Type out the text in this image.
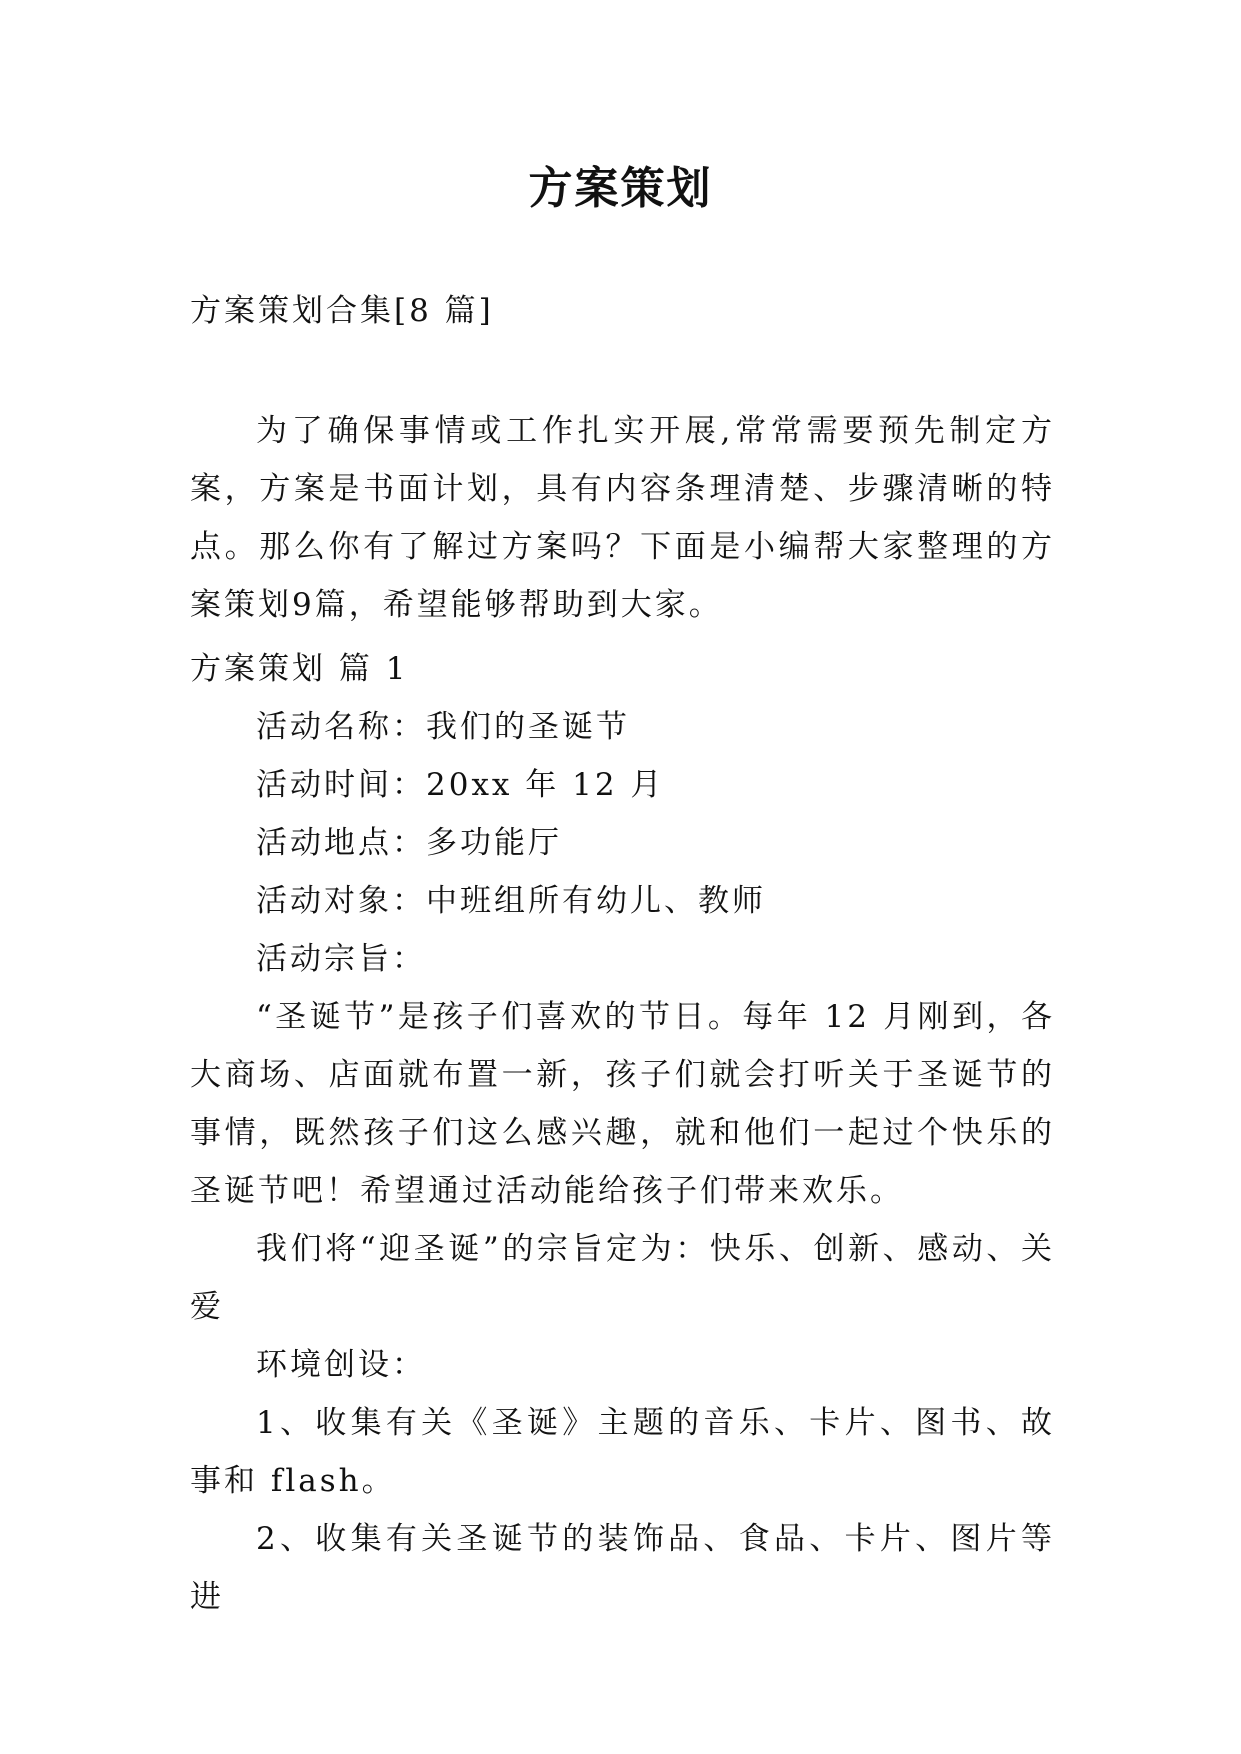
方案策划

方案策划合集[8 篇]

为了确保事情或工作扎实开展,常常需要预先制定方案，方案是书面计划，具有内容条理清楚、步骤清晰的特点。那么你有了解过方案吗？下面是小编帮大家整理的方案策划9篇，希望能够帮助到大家。

方案策划 篇 1

活动名称：我们的圣诞节

活动时间：20xx 年 12 月

活动地点：多功能厅

活动对象：中班组所有幼儿、教师

活动宗旨：

“圣诞节”是孩子们喜欢的节日。每年 12 月刚到，各大商场、店面就布置一新，孩子们就会打听关于圣诞节的事情，既然孩子们这么感兴趣，就和他们一起过个快乐的圣诞节吧！希望通过活动能给孩子们带来欢乐。

我们将“迎圣诞”的宗旨定为：快乐、创新、感动、关爱

环境创设：

1、收集有关《圣诞》主题的音乐、卡片、图书、故事和 flash。

2、收集有关圣诞节的装饰品、食品、卡片、图片等进
